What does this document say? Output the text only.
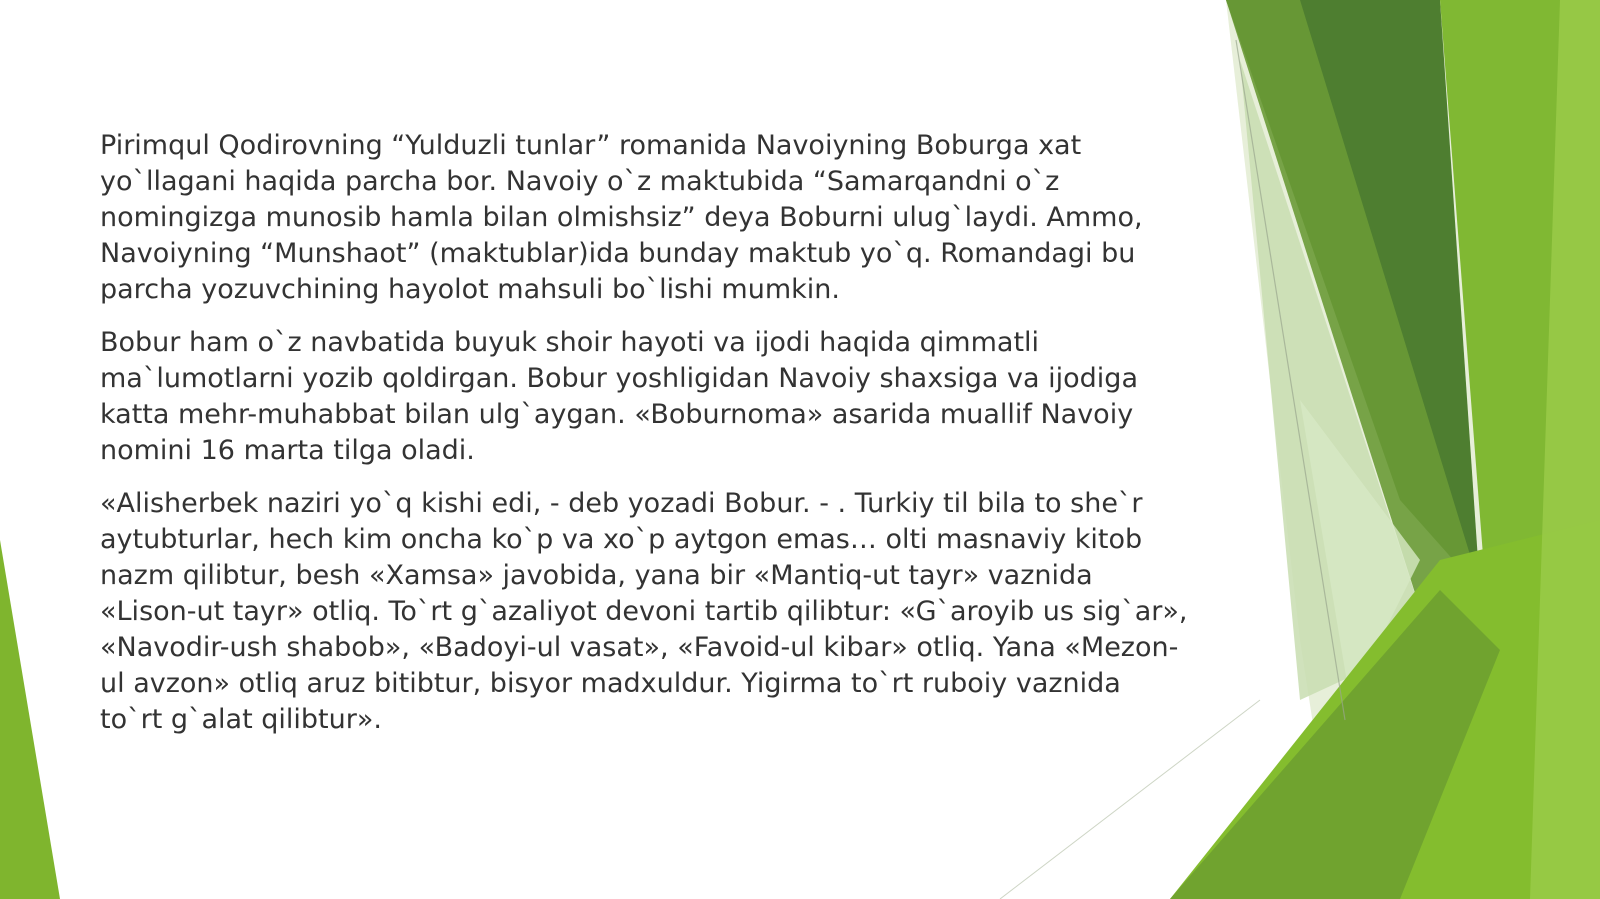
Pirimqul Qodirovning “Yulduzli tunlar” romanida Navoiyning Boburga xat yo`llagani haqida parcha bor. Navoiy o`z maktubida “Samarqandni o`z nomingizga munosib hamla bilan olmishsiz” deya Boburni ulug`laydi. Ammo, Navoiyning “Munshaot” (maktublar)ida bunday maktub yo`q. Romandagi bu parcha yozuvchining hayolot mahsuli bo`lishi mumkin.

Bobur ham o`z navbatida buyuk shoir hayoti va ijodi haqida qimmatli ma`lumotlarni yozib qoldirgan. Bobur yoshligidan Navoiy shaxsiga va ijodiga katta mehr-muhabbat bilan ulg`aygan. «Boburnoma» asarida muallif Navoiy nomini 16 marta tilga oladi.

«Alisherbek naziri yo`q kishi edi, - deb yozadi Bobur. - . Turkiy til bila to she`r aytubturlar, hech kim oncha ko`p va xo`p aytgon emas… olti masnaviy kitob nazm qilibtur, besh «Xamsa» javobida, yana bir «Mantiq-ut tayr» vaznida «Lison-ut tayr» otliq. To`rt g`azaliyot devoni tartib qilibtur: «G`aroyib us sig`ar», «Navodir-ush shabob», «Badoyi-ul vasat», «Favoid-ul kibar» otliq. Yana «Mezon-ul avzon» otliq aruz bitibtur, bisyor madxuldur. Yigirma to`rt ruboiy vaznida to`rt g`alat qilibtur».
